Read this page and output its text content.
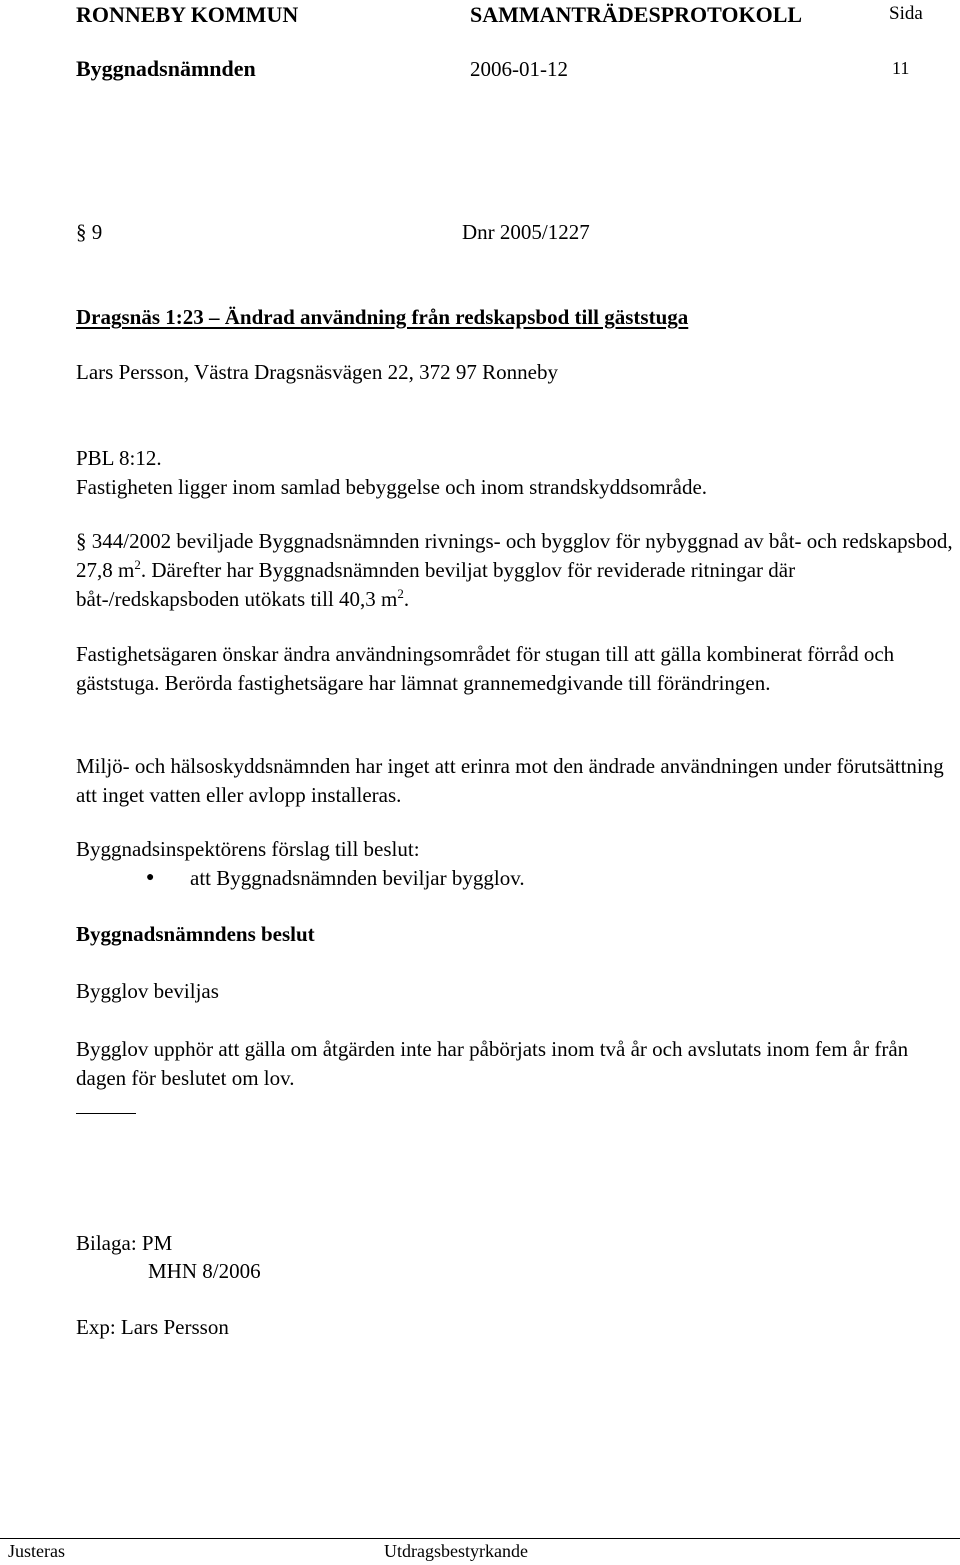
RONNEBY KOMMUN	SAMMANTRÄDESPROTOKOLL	Sida
Byggnadsnämnden	2006-01-12	11
§ 9	Dnr 2005/1227
Dragsnäs 1:23 – Ändrad användning från redskapsbod till gäststuga
Lars Persson, Västra Dragsnäsvägen 22, 372 97 Ronneby

PBL 8:12.

Fastigheten ligger inom samlad bebyggelse och inom strandskyddsområde.

§ 344/2002 beviljade Byggnadsnämnden rivnings- och bygglov för nybyggnad av båt- och redskapsbod, 27,8 $m^2$. Därefter har Byggnadsnämnden beviljat bygglov för reviderade ritningar där båt-/redskapsboden utökats till 40,3 $m^2$.

Fastighetsägaren önskar ändra användningsområdet för stugan till att gälla kombinerat förråd och gäststuga. Berörda fastighetsägare har lämnat grannemedgivande till förändringen.

Miljö- och hälsoskyddsnämnden har inget att erinra mot den ändrade användningen under förutsättning att inget vatten eller avlopp installeras.

Byggnadsinspektörens förslag till beslut:
● att Byggnadsnämnden beviljar bygglov.
Byggnadsnämndens beslut
Bygglov beviljas

Bygglov upphör att gälla om åtgärden inte har påbörjats inom två år och avslutats inom fem år från dagen för beslutet om lov.

Bilaga: PM
MHN 8/2006
Exp: Lars Persson
Justeras	Utdragsbestyrkande
